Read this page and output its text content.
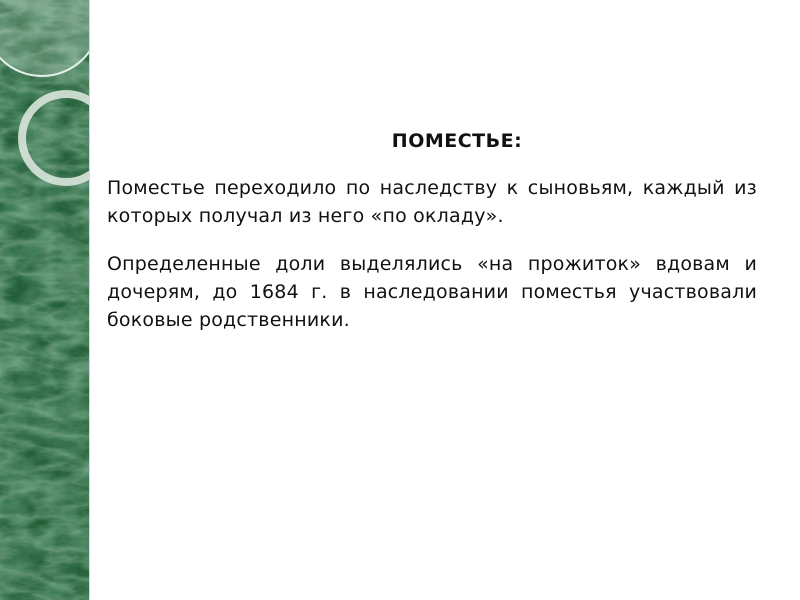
ПОМЕСТЬЕ:

Поместье переходило по наследству к сыновьям, каждый из которых получал из него «по окладу».

Определенные доли выделялись «на прожиток» вдовам и дочерям, до 1684 г. в наследовании поместья участвовали боковые родственники.
